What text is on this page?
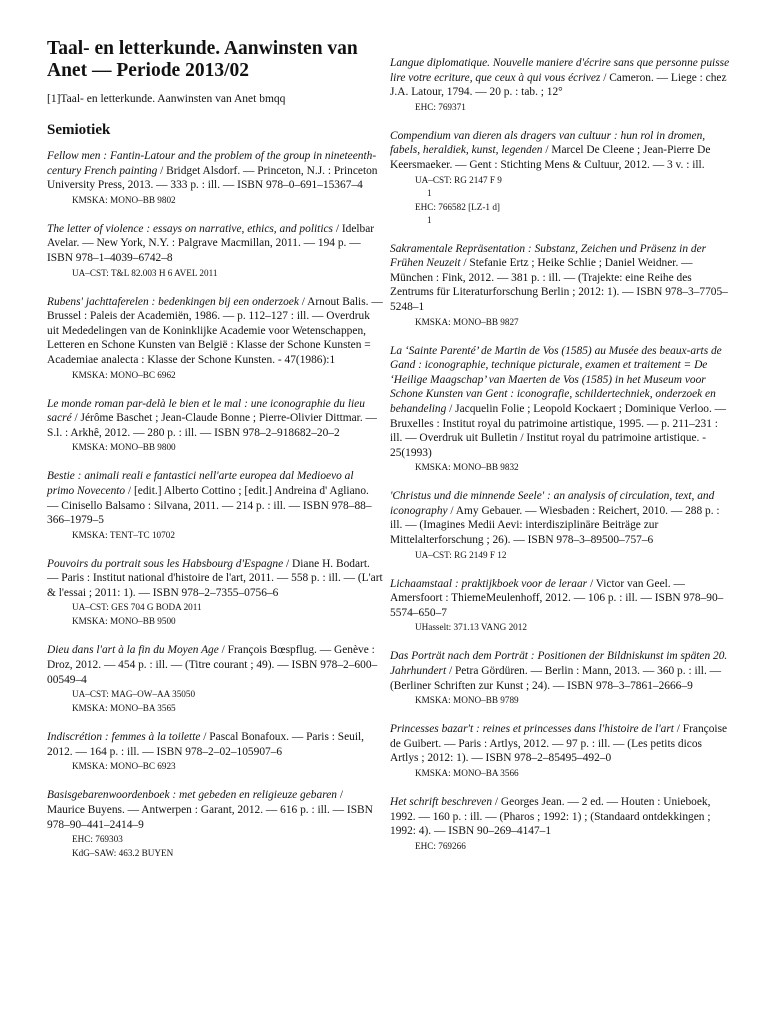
Taal- en letterkunde. Aanwinsten van Anet — Periode 2013/02
[1]Taal- en letterkunde. Aanwinsten van Anet bmqq
Semiotiek
Fellow men : Fantin-Latour and the problem of the group in nineteenth-century French painting / Bridget Alsdorf. — Princeton, N.J. : Princeton University Press, 2013. — 333 p. : ill. — ISBN 978–0–691–15367–4
KMSKA: MONO–BB 9802
The letter of violence : essays on narrative, ethics, and politics / Idelbar Avelar. — New York, N.Y. : Palgrave Macmillan, 2011. — 194 p. — ISBN 978–1–4039–6742–8
UA–CST: T&L 82.003 H 6 AVEL 2011
Rubens' jachttaferelen : bedenkingen bij een onderzoek / Arnout Balis. — Brussel : Paleis der Academiën, 1986. — p. 112–127 : ill. — Overdruk uit Mededelingen van de Koninklijke Academie voor Wetenschappen, Letteren en Schone Kunsten van België : Klasse der Schone Kunsten = Academiae analecta : Klasse der Schone Kunsten. - 47(1986):1
KMSKA: MONO–BC 6962
Le monde roman par-delà le bien et le mal : une iconographie du lieu sacré / Jérôme Baschet ; Jean-Claude Bonne ; Pierre-Olivier Dittmar. — S.l. : Arkhê, 2012. — 280 p. : ill. — ISBN 978–2–918682–20–2
KMSKA: MONO–BB 9800
Bestie : animali reali e fantastici nell'arte europea dal Medioevo al primo Novecento / [edit.] Alberto Cottino ; [edit.] Andreina d' Agliano. — Cinisello Balsamo : Silvana, 2011. — 214 p. : ill. — ISBN 978–88–366–1979–5
KMSKA: TENT–TC 10702
Pouvoirs du portrait sous les Habsbourg d'Espagne / Diane H. Bodart. — Paris : Institut national d'histoire de l'art, 2011. — 558 p. : ill. — (L'art & l'essai ; 2011: 1). — ISBN 978–2–7355–0756–6
UA–CST: GES 704 G BODA 2011
KMSKA: MONO–BB 9500
Dieu dans l'art à la fin du Moyen Age / François Bœspflug. — Genève : Droz, 2012. — 454 p. : ill. — (Titre courant ; 49). — ISBN 978–2–600–00549–4
UA–CST: MAG–OW–AA 35050
KMSKA: MONO–BA 3565
Indiscrétion : femmes à la toilette / Pascal Bonafoux. — Paris : Seuil, 2012. — 164 p. : ill. — ISBN 978–2–02–105907–6
KMSKA: MONO–BC 6923
Basisgebarenwoordenboek : met gebeden en religieuze gebaren / Maurice Buyens. — Antwerpen : Garant, 2012. — 616 p. : ill. — ISBN 978–90–441–2414–9
EHC: 769303
KdG–SAW: 463.2 BUYEN
Langue diplomatique. Nouvelle maniere d'écrire sans que personne puisse lire votre ecriture, que ceux à qui vous écrivez / Cameron. — Liege : chez J.A. Latour, 1794. — 20 p. : tab. ; 12°
EHC: 769371
Compendium van dieren als dragers van cultuur : hun rol in dromen, fabels, heraldiek, kunst, legenden / Marcel De Cleene ; Jean-Pierre De Keersmaeker. — Gent : Stichting Mens & Cultuur, 2012. — 3 v. : ill.
UA–CST: RG 2147 F 9
1
EHC: 766582 [LZ-1 d]
1
Sakramentale Repräsentation : Substanz, Zeichen und Präsenz in der Frühen Neuzeit / Stefanie Ertz ; Heike Schlie ; Daniel Weidner. — München : Fink, 2012. — 381 p. : ill. — (Trajekte: eine Reihe des Zentrums für Literaturforschung Berlin ; 2012: 1). — ISBN 978–3–7705–5248–1
KMSKA: MONO–BB 9827
La ‘Sainte Parenté’ de Martin de Vos (1585) au Musée des beaux-arts de Gand : iconographie, technique picturale, examen et traitement = De ‘Heilige Maagschap’ van Maerten de Vos (1585) in het Museum voor Schone Kunsten van Gent : iconografie, schildertechniek, onderzoek en behandeling / Jacquelin Folie ; Leopold Kockaert ; Dominique Verloo. — Bruxelles : Institut royal du patrimoine artistique, 1995. — p. 211–231 : ill. — Overdruk uit Bulletin / Institut royal du patrimoine artistique. - 25(1993)
KMSKA: MONO–BB 9832
'Christus und die minnende Seele' : an analysis of circulation, text, and iconography / Amy Gebauer. — Wiesbaden : Reichert, 2010. — 288 p. : ill. — (Imagines Medii Aevi: interdisziplinäre Beiträge zur Mittelalterforschung ; 26). — ISBN 978–3–89500–757–6
UA–CST: RG 2149 F 12
Lichaamstaal : praktijkboek voor de leraar / Victor van Geel. — Amersfoort : ThiemeMeulenhoff, 2012. — 106 p. : ill. — ISBN 978–90–5574–650–7
UHasselt: 371.13 VANG 2012
Das Porträt nach dem Porträt : Positionen der Bildniskunst im späten 20. Jahrhundert / Petra Gördüren. — Berlin : Mann, 2013. — 360 p. : ill. — (Berliner Schriften zur Kunst ; 24). — ISBN 978–3–7861–2666–9
KMSKA: MONO–BB 9789
Princesses bazar't : reines et princesses dans l'histoire de l'art / Françoise de Guibert. — Paris : Artlys, 2012. — 97 p. : ill. — (Les petits dicos Artlys ; 2012: 1). — ISBN 978–2–85495–492–0
KMSKA: MONO–BA 3566
Het schrift beschreven / Georges Jean. — 2 ed. — Houten : Unieboek, 1992. — 160 p. : ill. — (Pharos ; 1992: 1) ; (Standaard ontdekkingen ; 1992: 4). — ISBN 90–269–4147–1
EHC: 769266
